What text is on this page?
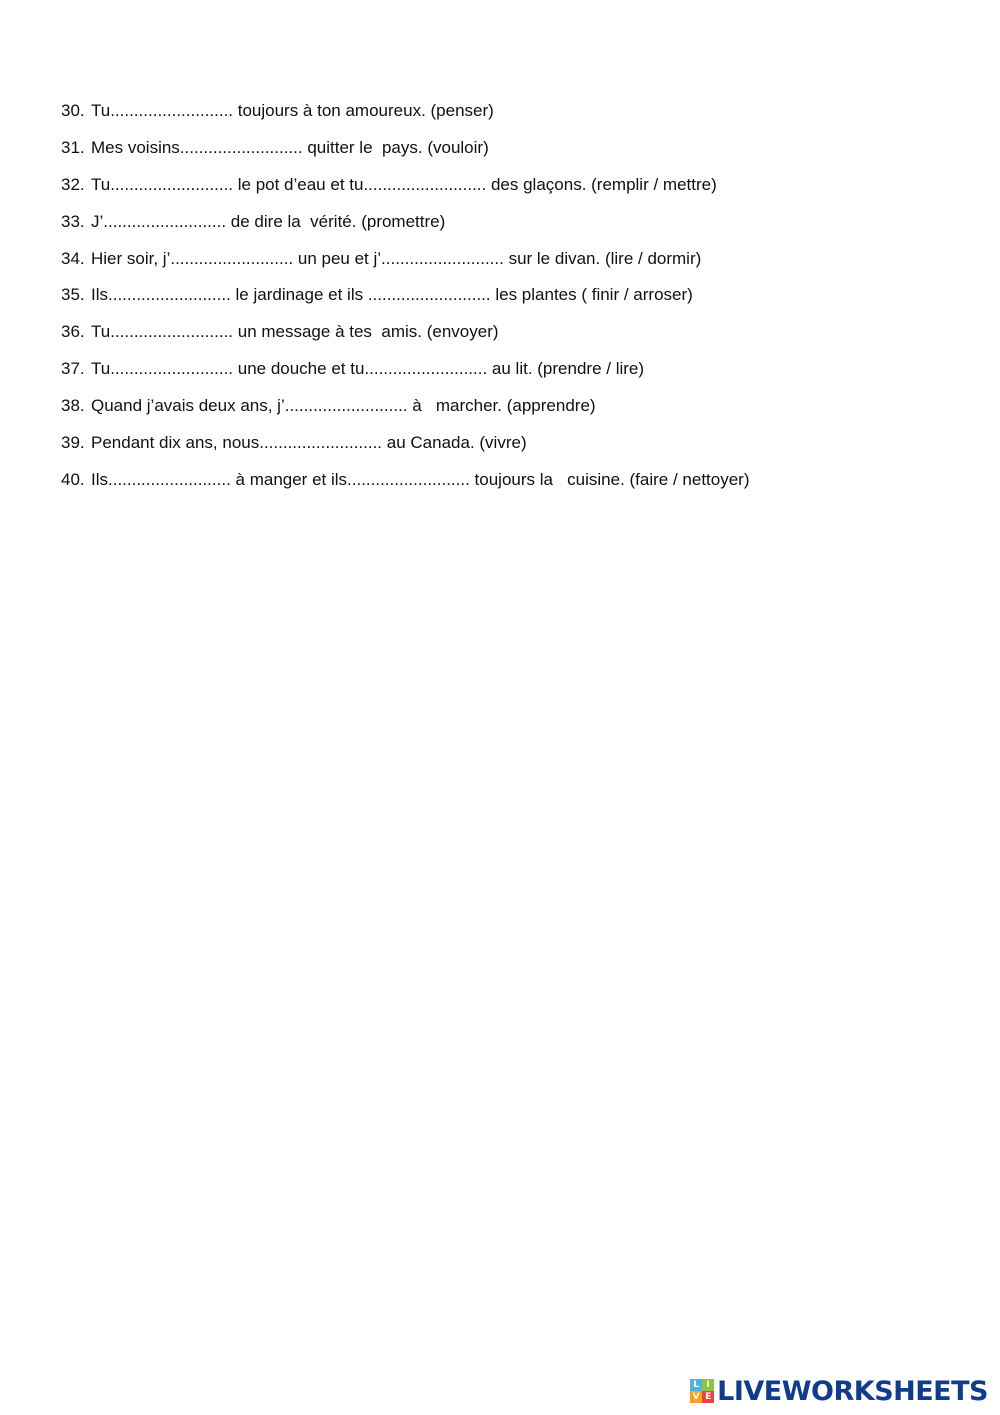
30. Tu.......................... toujours à ton amoureux. (penser)
31. Mes voisins.......................... quitter le  pays. (vouloir)
32. Tu.......................... le pot d’eau et tu.......................... des glaçons. (remplir / mettre)
33. J’.......................... de dire la  vérité. (promettre)
34. Hier soir, j’.......................... un peu et j’.......................... sur le divan. (lire / dormir)
35. Ils.......................... le jardinage et ils .......................... les plantes ( finir / arroser)
36. Tu.......................... un message à tes  amis. (envoyer)
37. Tu.......................... une douche et tu.......................... au lit. (prendre / lire)
38. Quand j’avais deux ans, j’.......................... à   marcher. (apprendre)
39. Pendant dix ans, nous.......................... au Canada. (vivre)
40. Ils.......................... à manger et ils.......................... toujours la   cuisine. (faire / nettoyer)
L I
V E LIVEWORKSHEETS
